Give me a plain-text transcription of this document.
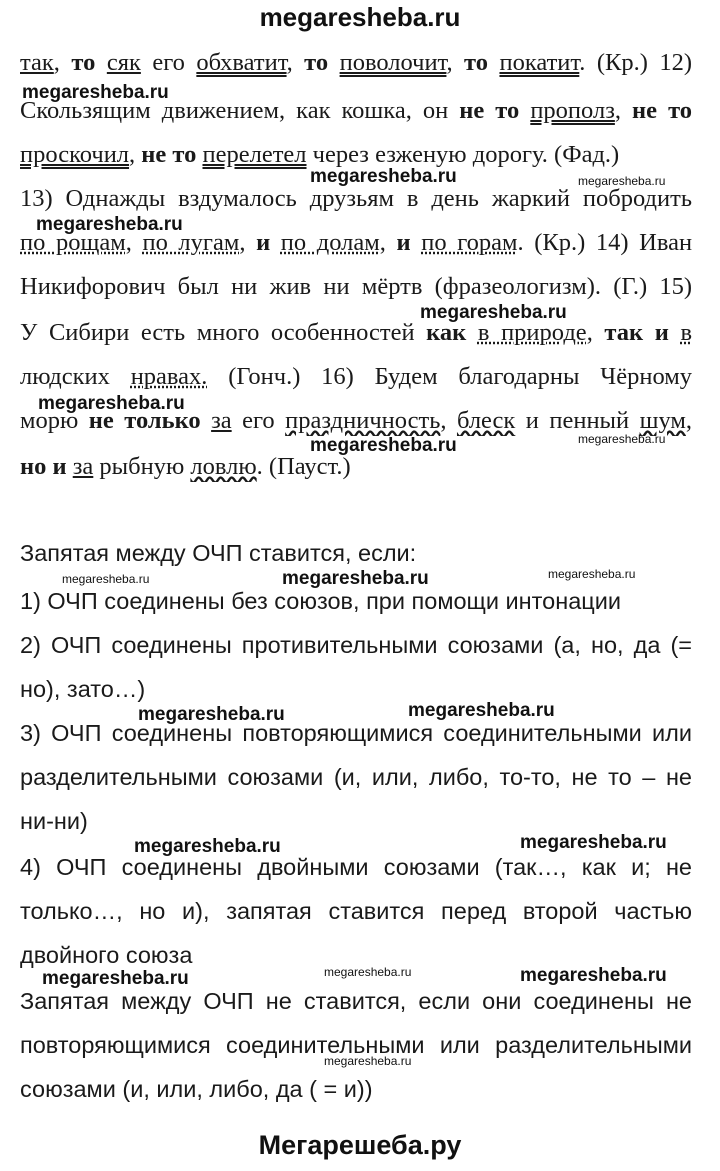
megaresheba.ru
так, то сяк его обхватит, то поволочит, то покатит. (Кр.) 12)
Скользящим движением, как кошка, он не то прополз, не то
проскочил, не то перелетел через езженую дорогу. (Фад.)
13) Однажды вздумалось друзьям в день жаркий побродить
по рощам, по лугам, и по долам, и по горам. (Кр.) 14) Иван
Никифорович был ни жив ни мёртв (фразеологизм). (Г.) 15)
У Сибири есть много особенностей как в природе, так и в
людских нравах. (Гонч.) 16) Будем благодарны Чёрному
морю не только за его праздничность, блеск и пенный шум,
но и за рыбную ловлю. (Пауст.)
Запятая между ОЧП ставится, если:
1) ОЧП соединены без союзов, при помощи интонации
2) ОЧП соединены противительными союзами (а, но, да (=
но), зато…)
3) ОЧП соединены повторяющимися соединительными или
разделительными союзами (и, или, либо, то-то, не то – не
ни-ни)
4) ОЧП соединены двойными союзами (так…, как и; не
только…, но и), запятая ставится перед второй частью
двойного союза
Запятая между ОЧП не ставится, если они соединены не
повторяющимися соединительными или разделительными
союзами (и, или, либо, да ( = и))
megaresheba.ru
megaresheba.ru	megaresheba.ru
megaresheba.ru
megaresheba.ru
megaresheba.ru
megaresheba.ru	megaresheba.ru
megaresheba.ru	megaresheba.ru	megaresheba.ru
megaresheba.ru	megaresheba.ru
megaresheba.ru	megaresheba.ru
megaresheba.ru	megaresheba.ru	megaresheba.ru
megaresheba.ru
Мегарешеба.ру
